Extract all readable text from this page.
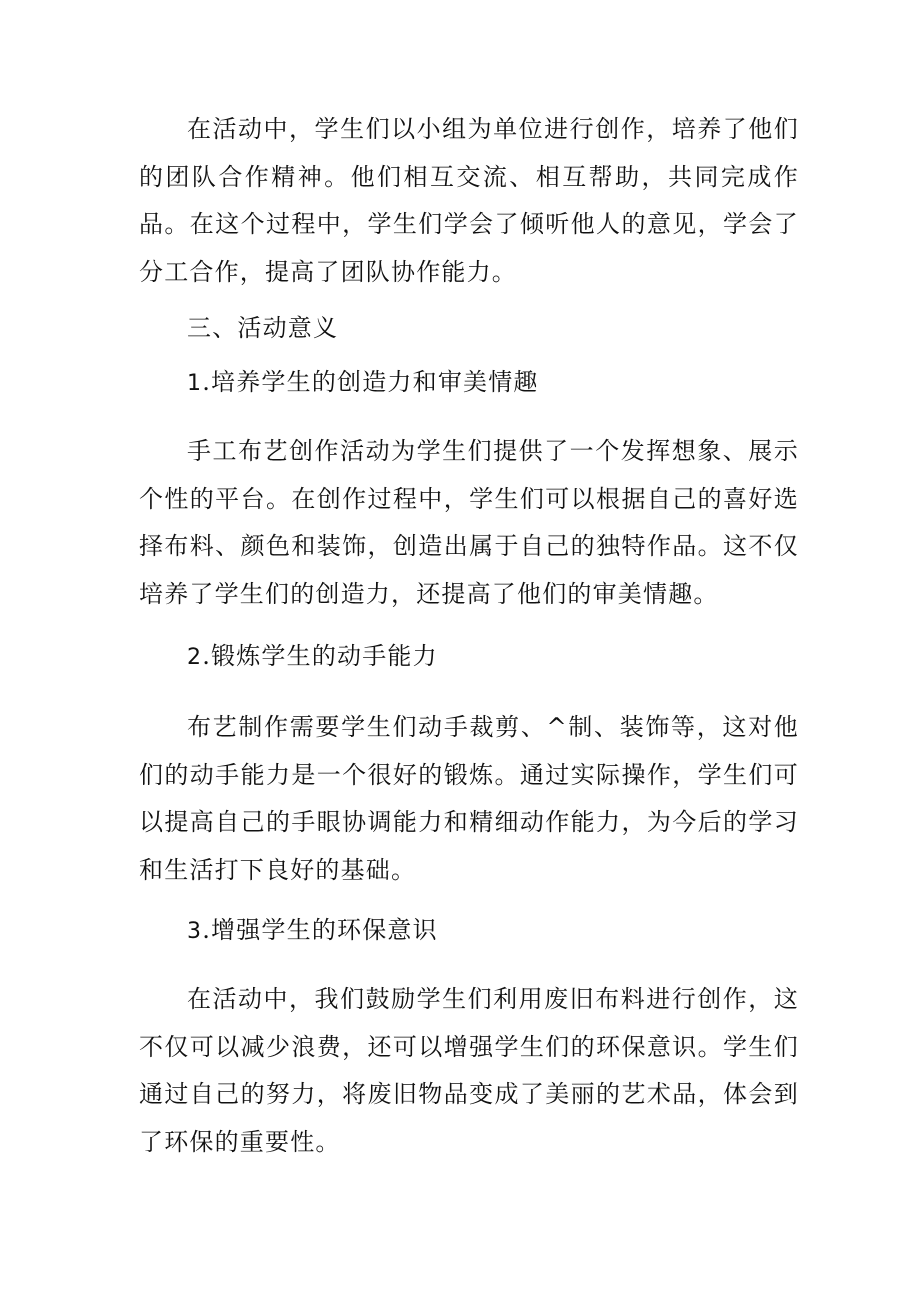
在活动中，学生们以小组为单位进行创作，培养了他们的团队合作精神。他们相互交流、相互帮助，共同完成作品。在这个过程中，学生们学会了倾听他人的意见，学会了分工合作，提高了团队协作能力。

三、活动意义

1.培养学生的创造力和审美情趣

手工布艺创作活动为学生们提供了一个发挥想象、展示个性的平台。在创作过程中，学生们可以根据自己的喜好选择布料、颜色和装饰，创造出属于自己的独特作品。这不仅培养了学生们的创造力，还提高了他们的审美情趣。

2.锻炼学生的动手能力

布艺制作需要学生们动手裁剪、^制、装饰等，这对他们的动手能力是一个很好的锻炼。通过实际操作，学生们可以提高自己的手眼协调能力和精细动作能力，为今后的学习和生活打下良好的基础。

3.增强学生的环保意识

在活动中，我们鼓励学生们利用废旧布料进行创作，这不仅可以减少浪费，还可以增强学生们的环保意识。学生们通过自己的努力，将废旧物品变成了美丽的艺术品，体会到了环保的重要性。
